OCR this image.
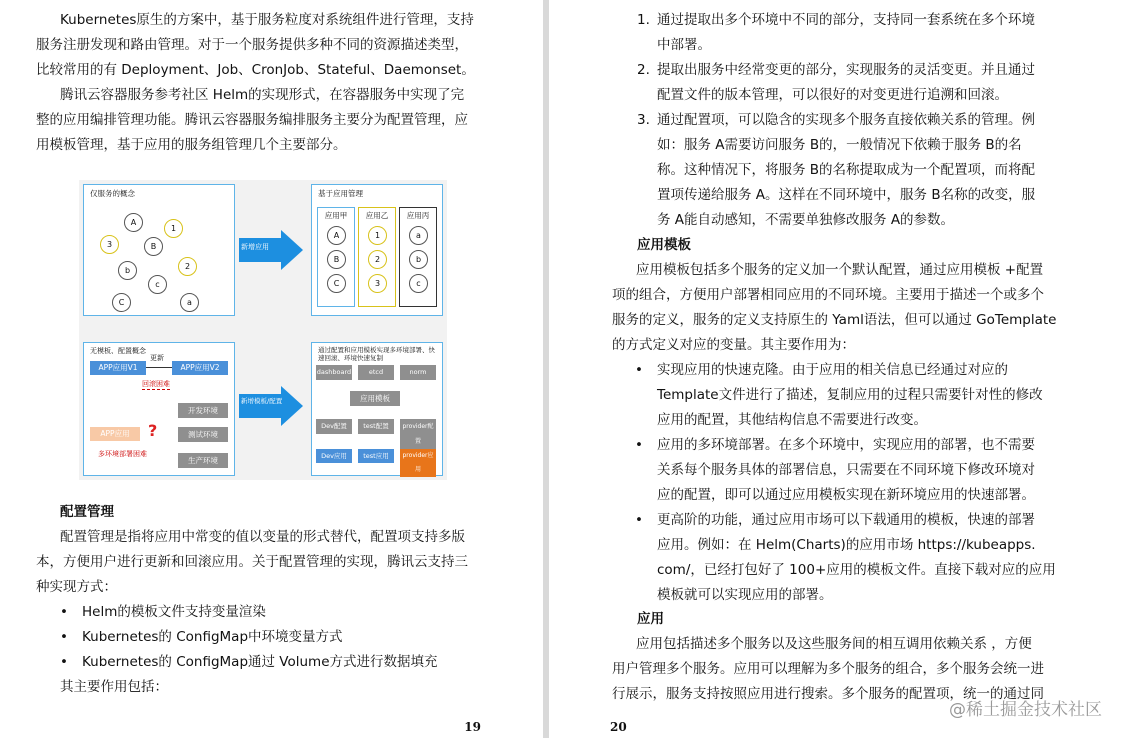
Kubernetes原生的方案中，基于服务粒度对系统组件进行管理，支持

服务注册发现和路由管理。对于一个服务提供多种不同的资源描述类型，

比较常用的有 Deployment、Job、CronJob、Stateful、Daemonset。

腾讯云容器服务参考社区 Helm的实现形式，在容器服务中实现了完

整的应用编排管理功能。腾讯云容器服务编排服务主要分为配置管理，应

用模板管理，基于应用的服务组管理几个主要部分。

仅服务的概念
A
1
3	B
b	2
c
C	a
新增应用
基于应用管理
应用甲
A
B
C
应用乙
1
2
3
应用丙
a
b
c
无模板、配置概念
更新
APP应用V1	APP应用V2
回滚困难
APP应用	?
开发环境
测试环境
生产环境
多环境部署困难
新增模板/配置
通过配置和应用模板实现多环境部署、快速回滚、环境快速复制
dashboard	etcd	norm
应用模板
Dev配置	test配置	provider配置
Dev应用	test应用	provider应用

配置管理

配置管理是指将应用中常变的值以变量的形式替代，配置项支持多版

本，方便用户进行更新和回滚应用。关于配置管理的实现，腾讯云支持三

种实现方式：

• Helm的模板文件支持变量渲染

• Kubernetes的 ConfigMap中环境变量方式

• Kubernetes的 ConfigMap通过 Volume方式进行数据填充

其主要作用包括：

19

1. 通过提取出多个环境中不同的部分，支持同一套系统在多个环境

中部署。

2. 提取出服务中经常变更的部分，实现服务的灵活变更。并且通过

配置文件的版本管理，可以很好的对变更进行追溯和回滚。

3. 通过配置项，可以隐含的实现多个服务直接依赖关系的管理。例

如：服务 A需要访问服务 B的，一般情况下依赖于服务 B的名

称。这种情况下，将服务 B的名称提取成为一个配置项，而将配

置项传递给服务 A。这样在不同环境中，服务 B名称的改变，服

务 A能自动感知，不需要单独修改服务 A的参数。

应用模板

应用模板包括多个服务的定义加一个默认配置，通过应用模板 +配置

项的组合，方便用户部署相同应用的不同环境。主要用于描述一个或多个

服务的定义，服务的定义支持原生的 Yaml语法，但可以通过 GoTemplate

的方式定义对应的变量。其主要作用为：

• 实现应用的快速克隆。由于应用的相关信息已经通过对应的

Template文件进行了描述，复制应用的过程只需要针对性的修改

应用的配置，其他结构信息不需要进行改变。

• 应用的多环境部署。在多个环境中，实现应用的部署，也不需要

关系每个服务具体的部署信息，只需要在不同环境下修改环境对

应的配置，即可以通过应用模板实现在新环境应用的快速部署。

• 更高阶的功能，通过应用市场可以下载通用的模板，快速的部署

应用。例如：在 Helm(Charts)的应用市场 https://kubeapps.

com/，已经打包好了 100+应用的模板文件。直接下载对应的应用

模板就可以实现应用的部署。

应用

应用包括描述多个服务以及这些服务间的相互调用依赖关系 ，方便

用户管理多个服务。应用可以理解为多个服务的组合，多个服务会统一进

行展示，服务支持按照应用进行搜索。多个服务的配置项，统一的通过同

20
@稀土掘金技术社区
